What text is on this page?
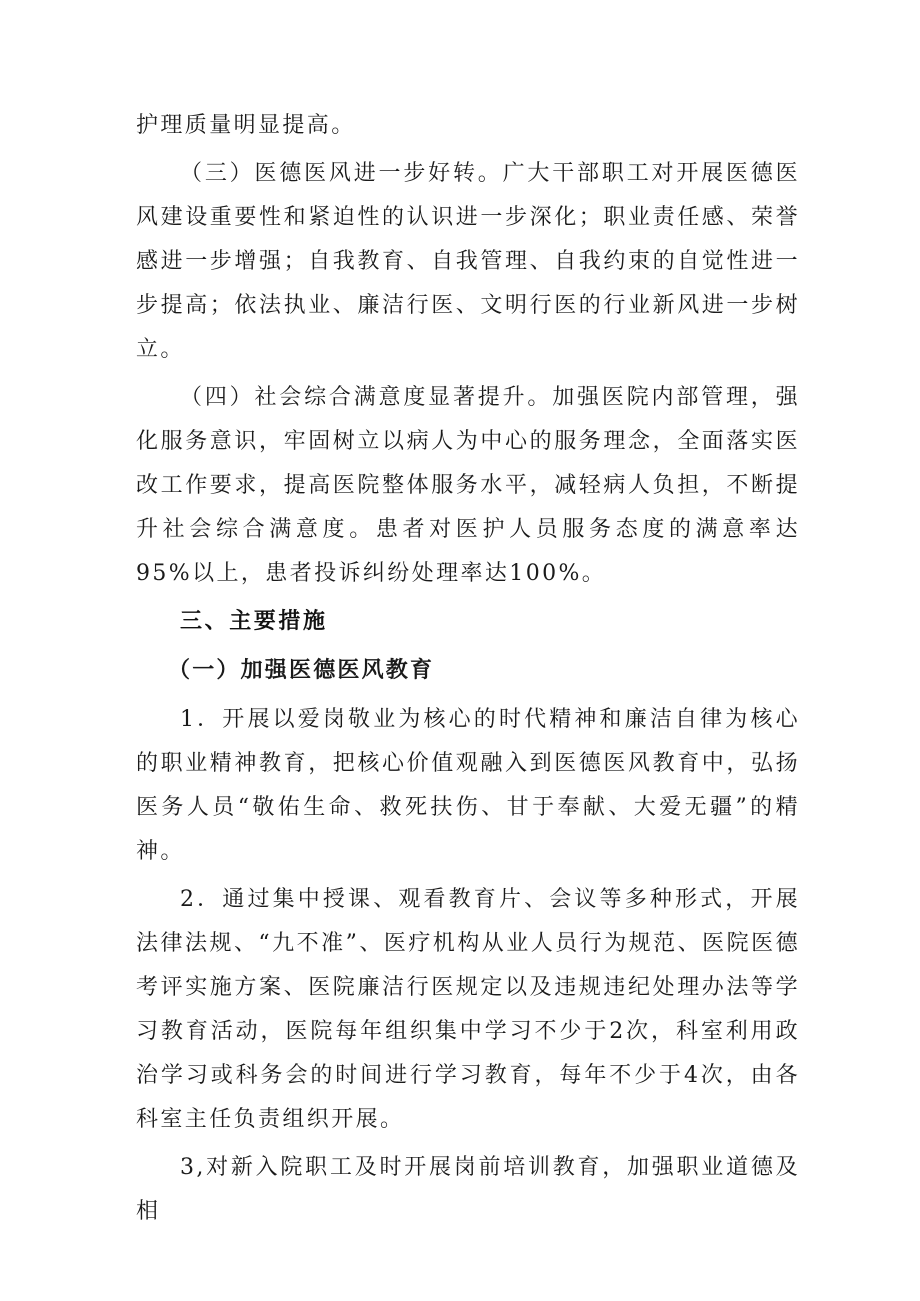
护理质量明显提高。

（三）医德医风进一步好转。广大干部职工对开展医德医风建设重要性和紧迫性的认识进一步深化；职业责任感、荣誉感进一步增强；自我教育、自我管理、自我约束的自觉性进一步提高；依法执业、廉洁行医、文明行医的行业新风进一步树立。

（四）社会综合满意度显著提升。加强医院内部管理，强化服务意识，牢固树立以病人为中心的服务理念，全面落实医改工作要求，提高医院整体服务水平，减轻病人负担，不断提升社会综合满意度。患者对医护人员服务态度的满意率达95%以上，患者投诉纠纷处理率达100%。

三、主要措施
（一）加强医德医风教育

1．开展以爱岗敬业为核心的时代精神和廉洁自律为核心的职业精神教育，把核心价值观融入到医德医风教育中，弘扬医务人员“敬佑生命、救死扶伤、甘于奉献、大爱无疆”的精神。

2．通过集中授课、观看教育片、会议等多种形式，开展法律法规、“九不准”、医疗机构从业人员行为规范、医院医德考评实施方案、医院廉洁行医规定以及违规违纪处理办法等学习教育活动，医院每年组织集中学习不少于2次，科室利用政治学习或科务会的时间进行学习教育，每年不少于4次，由各科室主任负责组织开展。

3,对新入院职工及时开展岗前培训教育，加强职业道德及相
